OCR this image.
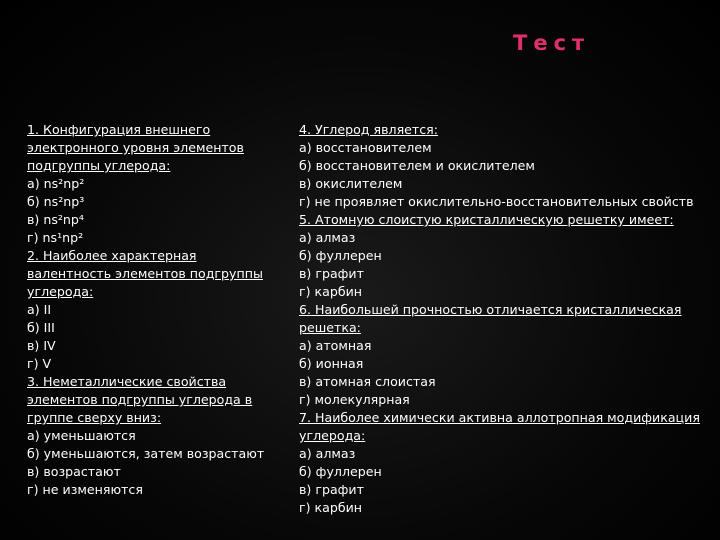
Тест
1. Конфигурация внешнего
электронного уровня элементов
подгруппы углерода:
а) ns²np²
б) ns²np³
в) ns²np⁴
г) ns¹np²
2. Наиболее характерная
валентность элементов подгруппы
углерода:
а) II
б) III
в) IV
г) V
3. Неметаллические свойства
элементов подгруппы углерода в
группе сверху вниз:
а) уменьшаются
б) уменьшаются, затем возрастают
в) возрастают
г) не изменяются
4. Углерод является:
а) восстановителем
б) восстановителем и окислителем
в) окислителем
г) не проявляет окислительно-восстановительных свойств
5. Атомную слоистую кристаллическую решетку имеет:
а) алмаз
б) фуллерен
в) графит
г) карбин
6. Наибольшей прочностью отличается кристаллическая
решетка:
а) атомная
б) ионная
в) атомная слоистая
г) молекулярная
7. Наиболее химически активна аллотропная модификация
углерода:
а) алмаз
б) фуллерен
в) графит
г) карбин
